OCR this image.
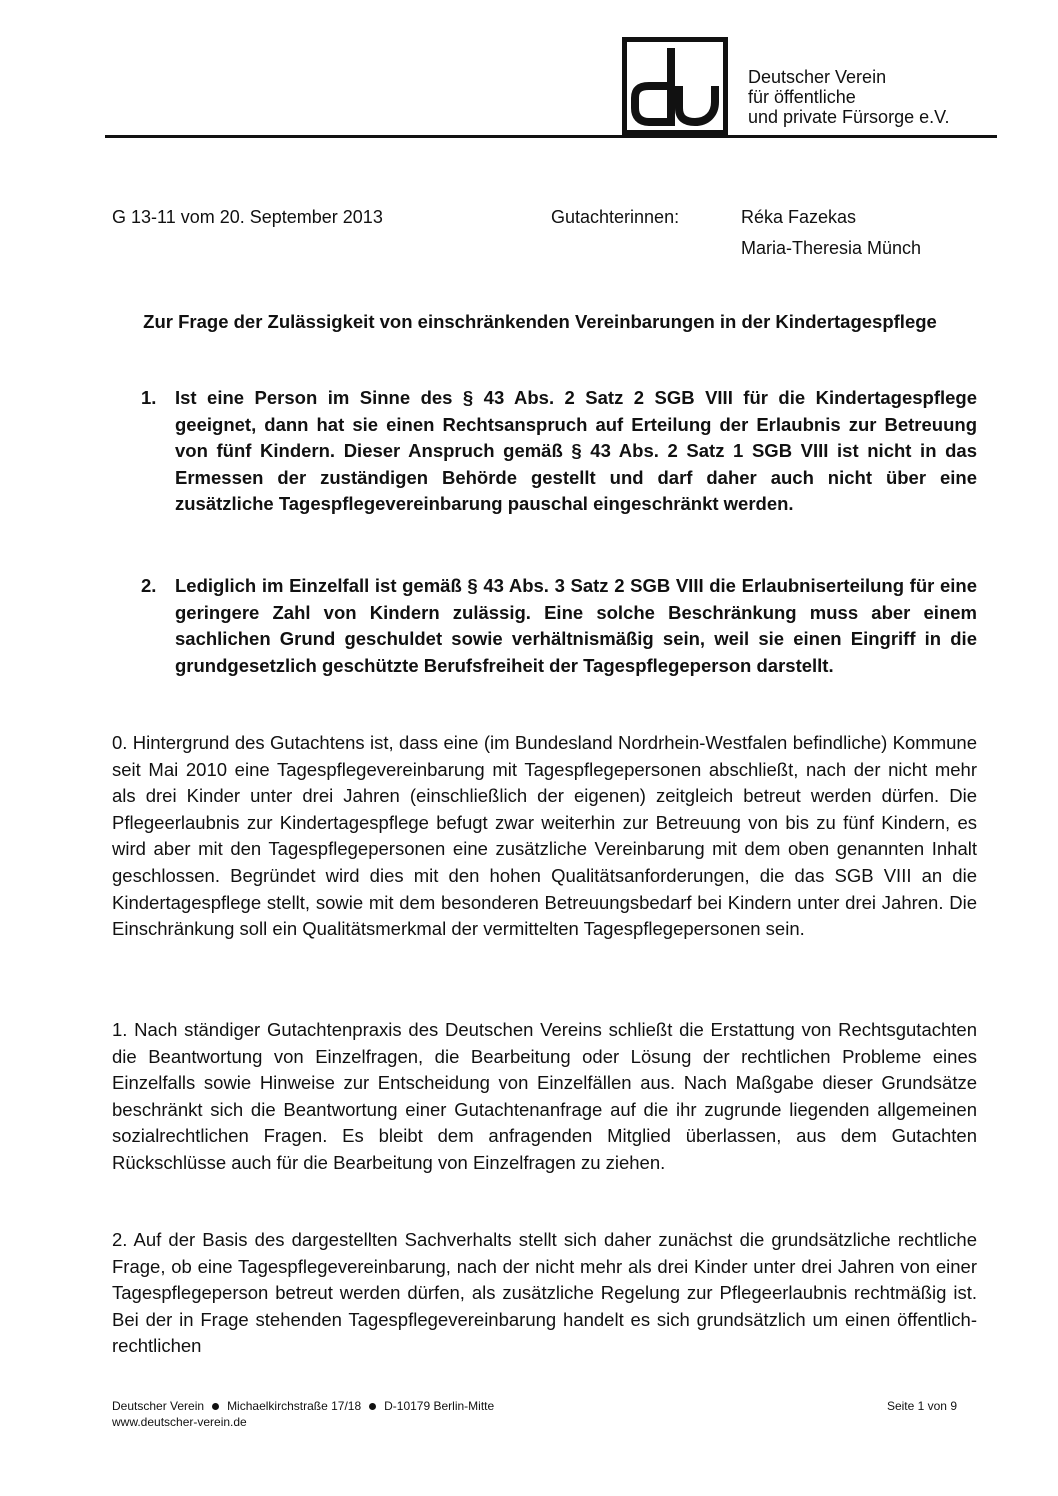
Deutscher Verein
für öffentliche
und private Fürsorge e.V.
G 13-11 vom 20. September 2013	Gutachterinnen:	Réka Fazekas
Maria-Theresia Münch
Zur Frage der Zulässigkeit von einschränkenden Vereinbarungen in der Kindertagespflege
1. Ist eine Person im Sinne des § 43 Abs. 2 Satz 2 SGB VIII für die Kindertagespflege geeignet, dann hat sie einen Rechtsanspruch auf Erteilung der Erlaubnis zur Betreuung von fünf Kindern. Dieser Anspruch gemäß § 43 Abs. 2 Satz 1 SGB VIII ist nicht in das Ermessen der zuständigen Behörde gestellt und darf daher auch nicht über eine zusätzliche Tagespflegevereinbarung pauschal eingeschränkt werden.
2. Lediglich im Einzelfall ist gemäß § 43 Abs. 3 Satz 2 SGB VIII die Erlaubniserteilung für eine geringere Zahl von Kindern zulässig. Eine solche Beschränkung muss aber einem sachlichen Grund geschuldet sowie verhältnismäßig sein, weil sie einen Eingriff in die grundgesetzlich geschützte Berufsfreiheit der Tagespflegeperson darstellt.
0. Hintergrund des Gutachtens ist, dass eine (im Bundesland Nordrhein-Westfalen befindliche) Kommune seit Mai 2010 eine Tagespflegevereinbarung mit Tagespflegepersonen abschließt, nach der nicht mehr als drei Kinder unter drei Jahren (einschließlich der eigenen) zeitgleich betreut werden dürfen. Die Pflegeerlaubnis zur Kindertagespflege befugt zwar weiterhin zur Betreuung von bis zu fünf Kindern, es wird aber mit den Tagespflegepersonen eine zusätzliche Vereinbarung mit dem oben genannten Inhalt geschlossen. Begründet wird dies mit den hohen Qualitätsanforderungen, die das SGB VIII an die Kindertagespflege stellt, sowie mit dem besonderen Betreuungsbedarf bei Kindern unter drei Jahren. Die Einschränkung soll ein Qualitätsmerkmal der vermittelten Tagespflegepersonen sein.
1. Nach ständiger Gutachtenpraxis des Deutschen Vereins schließt die Erstattung von Rechtsgutachten die Beantwortung von Einzelfragen, die Bearbeitung oder Lösung der rechtlichen Probleme eines Einzelfalls sowie Hinweise zur Entscheidung von Einzelfällen aus. Nach Maßgabe dieser Grundsätze beschränkt sich die Beantwortung einer Gutachtenanfrage auf die ihr zugrunde liegenden allgemeinen sozialrechtlichen Fragen. Es bleibt dem anfragenden Mitglied überlassen, aus dem Gutachten Rückschlüsse auch für die Bearbeitung von Einzelfragen zu ziehen.
2. Auf der Basis des dargestellten Sachverhalts stellt sich daher zunächst die grundsätzliche rechtliche Frage, ob eine Tagespflegevereinbarung, nach der nicht mehr als drei Kinder unter drei Jahren von einer Tagespflegeperson betreut werden dürfen, als zusätzliche Regelung zur Pflegeerlaubnis rechtmäßig ist. Bei der in Frage stehenden Tagespflegevereinbarung handelt es sich grundsätzlich um einen öffentlich-rechtlichen
Deutscher Verein Michaelkirchstraße 17/18 D-10179 Berlin-Mitte
www.deutscher-verein.de
Seite 1 von 9
